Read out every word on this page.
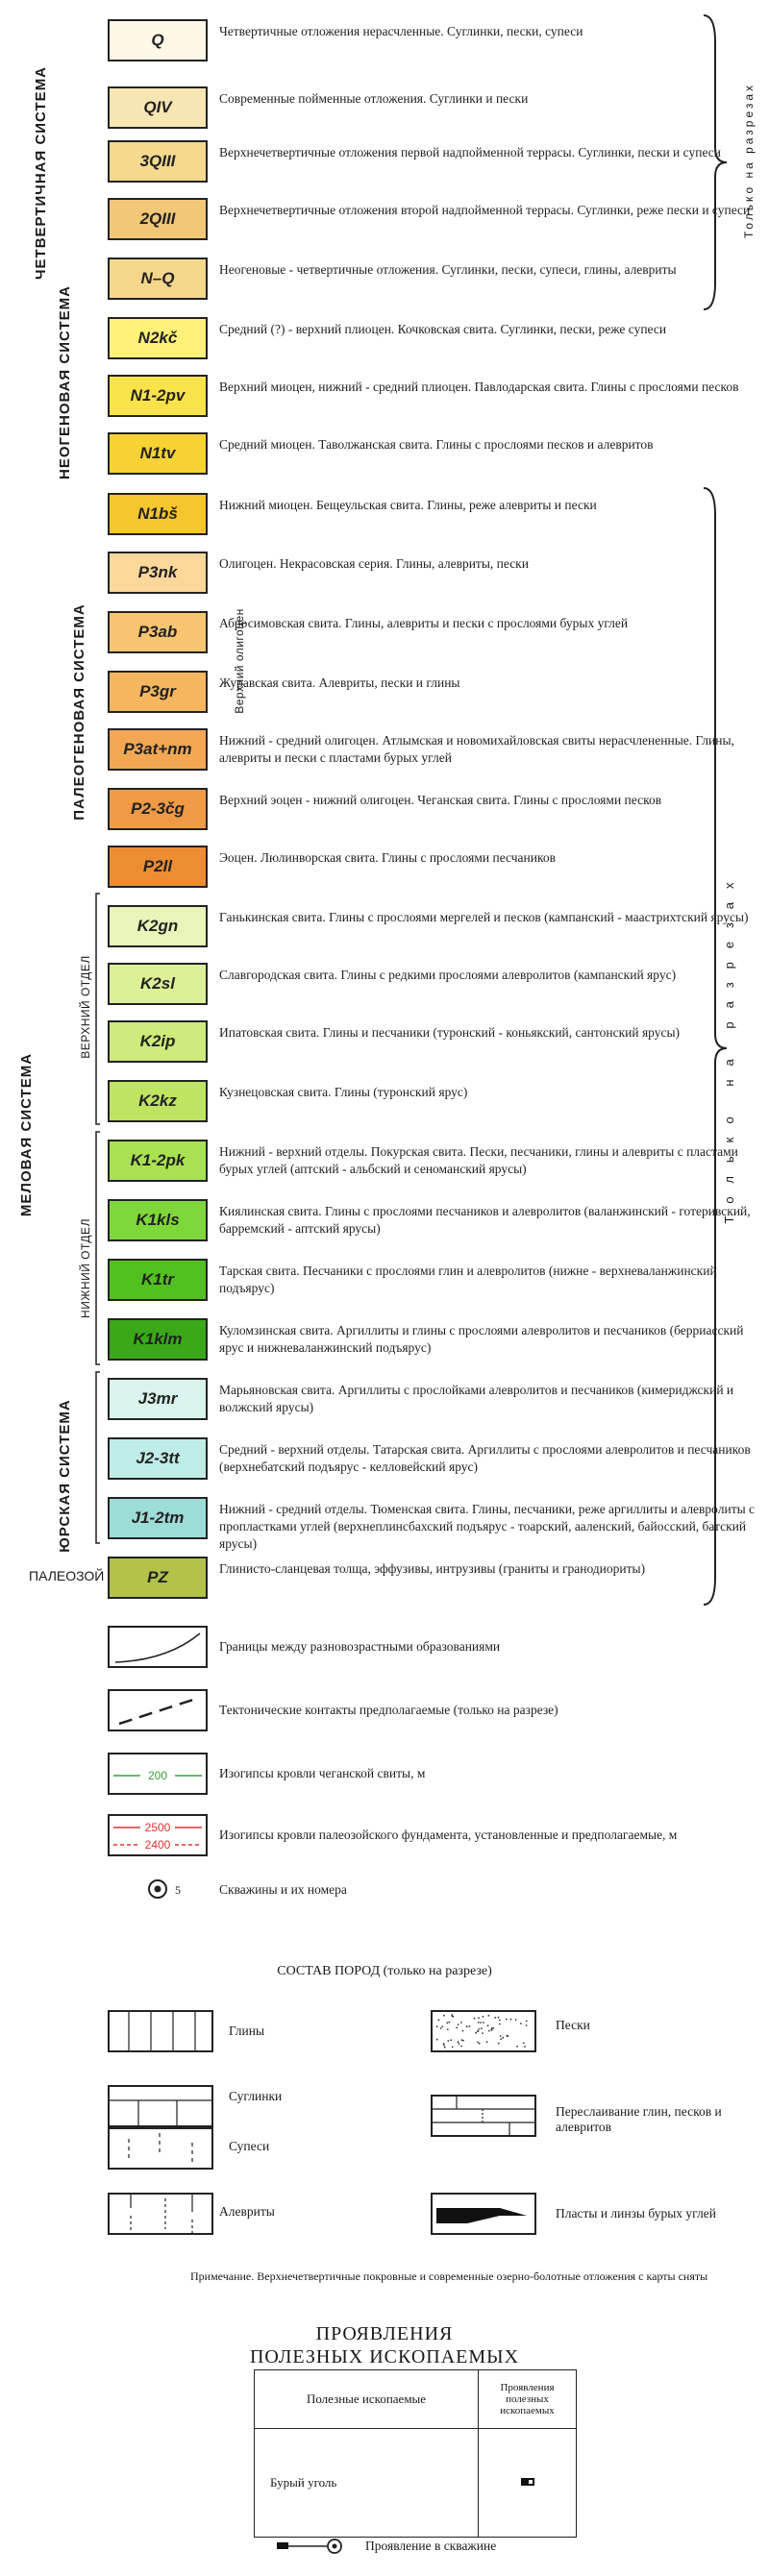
Q	Четвертичные отложения нерасчленные. Суглинки, пески, супеси
QIV	Современные пойменные отложения. Суглинки и пески
3QIII	Верхнечетвертичные отложения первой надпойменной террасы. Суглинки, пески и супеси
2QIII	Верхнечетвертичные отложения второй надпойменной террасы. Суглинки, реже пески и супеси
N–Q	Неогеновые - четвертичные отложения. Суглинки, пески, супеси, глины, алевриты
N2kč	Средний (?) - верхний плиоцен. Кочковская свита. Суглинки, пески, реже супеси
N1-2pv	Верхний миоцен, нижний - средний плиоцен. Павлодарская свита. Глины с прослоями песков
N1tv	Средний миоцен. Таволжанская свита. Глины с прослоями песков и алевритов
N1bš	Нижний миоцен. Бещеульская свита. Глины, реже алевриты и пески
P3nk	Олигоцен. Некрасовская серия. Глины, алевриты, пески
P3ab	Абросимовская свита. Глины, алевриты и пески с прослоями бурых углей
P3gr	Журавская свита. Алевриты, пески и глины
P3at+nm Нижний - средний олигоцен. Атлымская и новомихайловская свиты нерасчлененные. Глины, алевриты и пески с пластами бурых углей
P2-3čg	Верхний эоцен - нижний олигоцен. Чеганская свита. Глины с прослоями песков
P2ll	Эоцен. Люлинворская свита. Глины с прослоями песчаников
K2gn	Ганькинская свита. Глины с прослоями мергелей и песков (кампанский - маастрихтский ярусы)
K2sl	Славгородская свита. Глины с редкими прослоями алевролитов (кампанский ярус)
K2ip	Ипатовская свита. Глины и песчаники (туронский - коньякский, сантонский ярусы)
K2kz	Кузнецовская свита. Глины (туронский ярус)
K1-2pk	Нижний - верхний отделы. Покурская свита. Пески, песчаники, глины и алевриты с пластами бурых углей (аптский - альбский и сеноманский ярусы)
K1kls	Киялинская свита. Глины с прослоями песчаников и алевролитов (валанжинский - готеривский, барремский - аптский ярусы)
K1tr	Тарская свита. Песчаники с прослоями глин и алевролитов (нижне - верхневаланжинский подъярус)
K1klm	Куломзинская свита. Аргиллиты и глины с прослоями алевролитов и песчаников (берриасский ярус и нижневаланжинский подъярус)
J3mr	Марьяновская свита. Аргиллиты с прослойками алевролитов и песчаников (кимериджский и волжский ярусы)
J2-3tt	Средний - верхний отделы. Татарская свита. Аргиллиты с прослоями алевролитов и песчаников (верхнебатский подъярус - келловейский ярус)
J1-2tm	Нижний - средний отделы. Тюменская свита. Глины, песчаники, реже аргиллиты и алевролиты с пропластками углей (верхнеплинсбахский подъярус - тоарский, ааленский, байосский, батский ярусы)
PZ	Глинисто-сланцевая толща, эффузивы, интрузивы (граниты и гранодиориты)
ЧЕТВЕРТИЧНАЯ СИСТЕМА
НЕОГЕНОВАЯ СИСТЕМА
ПАЛЕОГЕНОВАЯ СИСТЕМА	Верхний олигоцен
МЕЛОВАЯ СИСТЕМА
ВЕРХНИЙ ОТДЕЛ
НИЖНИЙ ОТДЕЛ
ЮРСКАЯ СИСТЕМА
ПАЛЕОЗОЙ
Только на разрезах
Только на разрезах
Границы между разновозрастными образованиями
Тектонические контакты предполагаемые (только на разрезе)
200	Изогипсы кровли чеганской свиты, м
2500
2400
Изогипсы кровли палеозойского фундамента, установленные и предполагаемые, м
5	Скважины и их номера
СОСТАВ ПОРОД (только на разрезе)
Глины	Пески
Суглинки
Переслаивание глин, песков и алевритов
Супеси
Алевриты	Пласты и линзы бурых углей
Примечание. Верхнечетвертичные покровные и современные озерно-болотные отложения с карты сняты
ПРОЯВЛЕНИЯ
ПОЛЕЗНЫХ ИСКОПАЕМЫХ
Полезные ископаемые	Проявления полезных ископаемых
Бурый уголь	
Проявление в скважине
